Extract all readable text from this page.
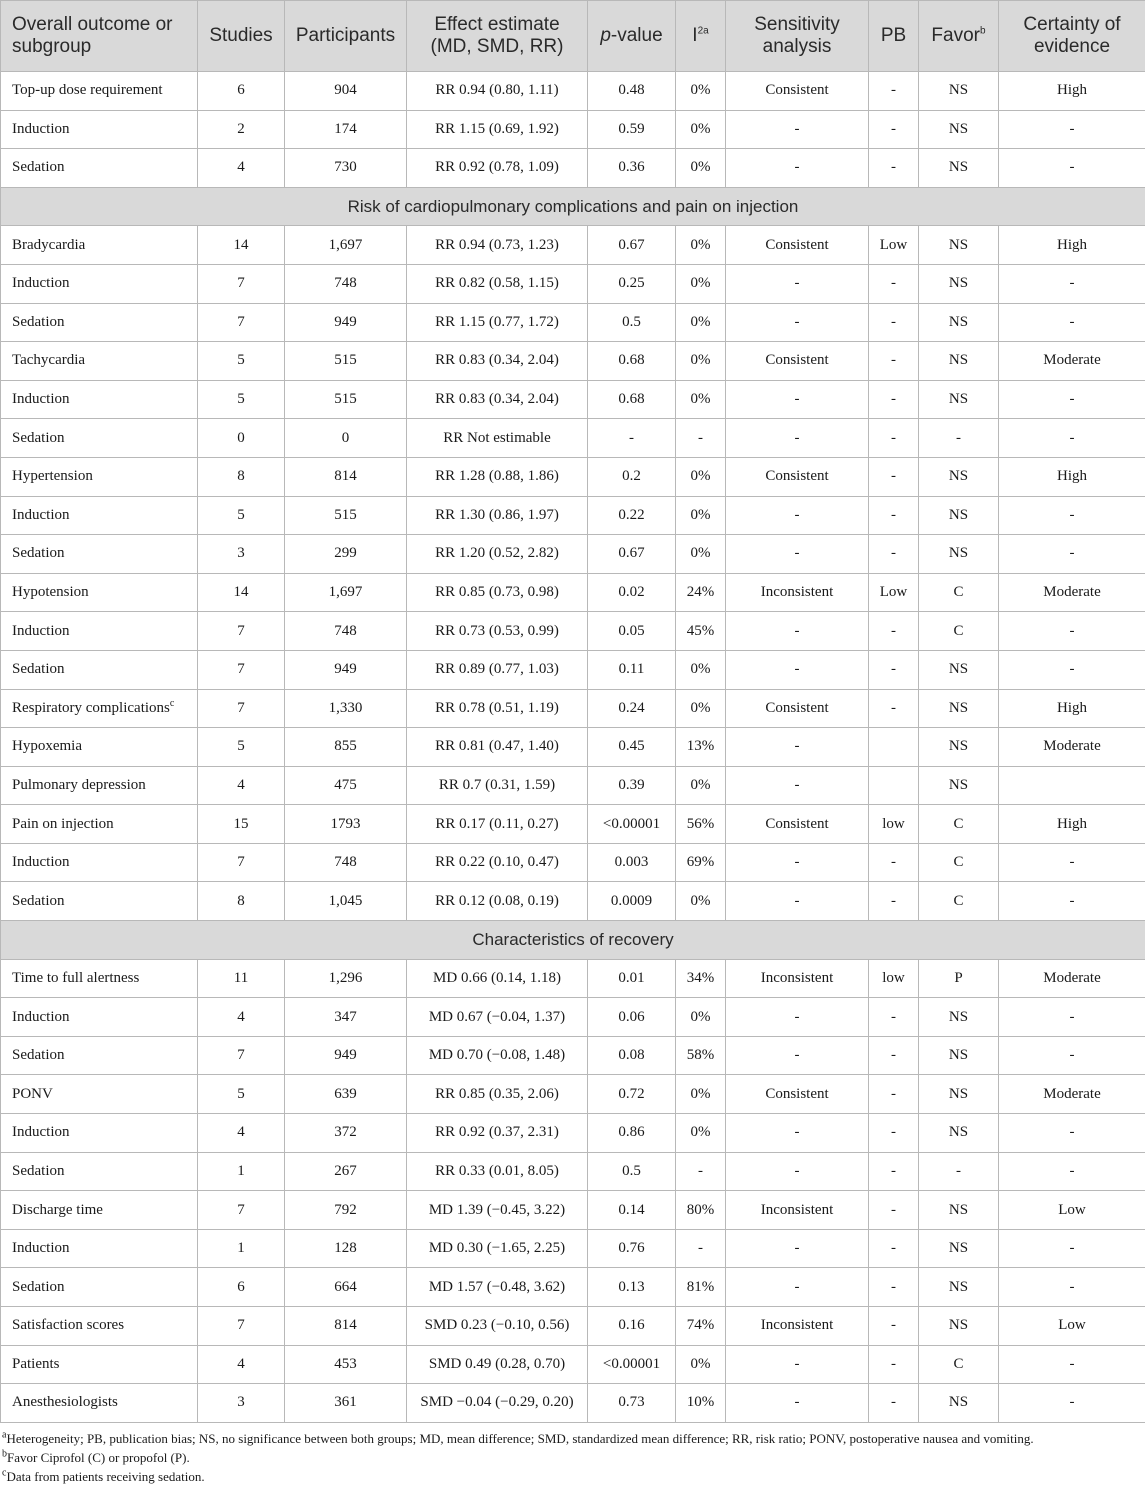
Overall outcome or subgroup	Studies	Participants	Effect estimate (MD, SMD, RR)	p-value	$I^{2a}$	Sensitivity analysis	PB	Favor$^b$	Certainty of evidence
Top-up dose requirement	6	904	RR 0.94 (0.80, 1.11)	0.48	0%	Consistent	-	NS	High
Induction	2	174	RR 1.15 (0.69, 1.92)	0.59	0%	-	-	NS	-
Sedation	4	730	RR 0.92 (0.78, 1.09)	0.36	0%	-	-	NS	-
Risk of cardiopulmonary complications and pain on injection									
Bradycardia	14	1,697	RR 0.94 (0.73, 1.23)	0.67	0%	Consistent	Low	NS	High
Induction	7	748	RR 0.82 (0.58, 1.15)	0.25	0%	-	-	NS	-
Sedation	7	949	RR 1.15 (0.77, 1.72)	0.5	0%	-	-	NS	-
Tachycardia	5	515	RR 0.83 (0.34, 2.04)	0.68	0%	Consistent	-	NS	Moderate
Induction	5	515	RR 0.83 (0.34, 2.04)	0.68	0%	-	-	NS	-
Sedation	0	0	RR Not estimable	-	-	-	-	-	-
Hypertension	8	814	RR 1.28 (0.88, 1.86)	0.2	0%	Consistent	-	NS	High
Induction	5	515	RR 1.30 (0.86, 1.97)	0.22	0%	-	-	NS	-
Sedation	3	299	RR 1.20 (0.52, 2.82)	0.67	0%	-	-	NS	-
Hypotension	14	1,697	RR 0.85 (0.73, 0.98)	0.02	24%	Inconsistent	Low	C	Moderate
Induction	7	748	RR 0.73 (0.53, 0.99)	0.05	45%	-	-	C	-
Sedation	7	949	RR 0.89 (0.77, 1.03)	0.11	0%	-	-	NS	-
Respiratory complications$^c$	7	1,330	RR 0.78 (0.51, 1.19)	0.24	0%	Consistent	-	NS	High
Hypoxemia	5	855	RR 0.81 (0.47, 1.40)	0.45	13%	-		NS	Moderate
Pulmonary depression	4	475	RR 0.7 (0.31, 1.59)	0.39	0%	-		NS	
Pain on injection	15	1793	RR 0.17 (0.11, 0.27)	<0.00001	56%	Consistent	low	C	High
Induction	7	748	RR 0.22 (0.10, 0.47)	0.003	69%	-	-	C	-
Sedation	8	1,045	RR 0.12 (0.08, 0.19)	0.0009	0%	-	-	C	-
Characteristics of recovery									
Time to full alertness	11	1,296	MD 0.66 (0.14, 1.18)	0.01	34%	Inconsistent	low	P	Moderate
Induction	4	347	MD 0.67 (−0.04, 1.37)	0.06	0%	-	-	NS	-
Sedation	7	949	MD 0.70 (−0.08, 1.48)	0.08	58%	-	-	NS	-
PONV	5	639	RR 0.85 (0.35, 2.06)	0.72	0%	Consistent	-	NS	Moderate
Induction	4	372	RR 0.92 (0.37, 2.31)	0.86	0%	-	-	NS	-
Sedation	1	267	RR 0.33 (0.01, 8.05)	0.5	-	-	-	-	-
Discharge time	7	792	MD 1.39 (−0.45, 3.22)	0.14	80%	Inconsistent	-	NS	Low
Induction	1	128	MD 0.30 (−1.65, 2.25)	0.76	-	-	-	NS	-
Sedation	6	664	MD 1.57 (−0.48, 3.62)	0.13	81%	-	-	NS	-
Satisfaction scores	7	814	SMD 0.23 (−0.10, 0.56)	0.16	74%	Inconsistent	-	NS	Low
Patients	4	453	SMD 0.49 (0.28, 0.70)	<0.00001	0%	-	-	C	-
Anesthesiologists	3	361	SMD −0.04 (−0.29, 0.20)	0.73	10%	-	-	NS	-

$^a$Heterogeneity; PB, publication bias; NS, no significance between both groups; MD, mean difference; SMD, standardized mean difference; RR, risk ratio; PONV, postoperative nausea and vomiting.

$^b$Favor Ciprofol (C) or propofol (P).

$^c$Data from patients receiving sedation.
